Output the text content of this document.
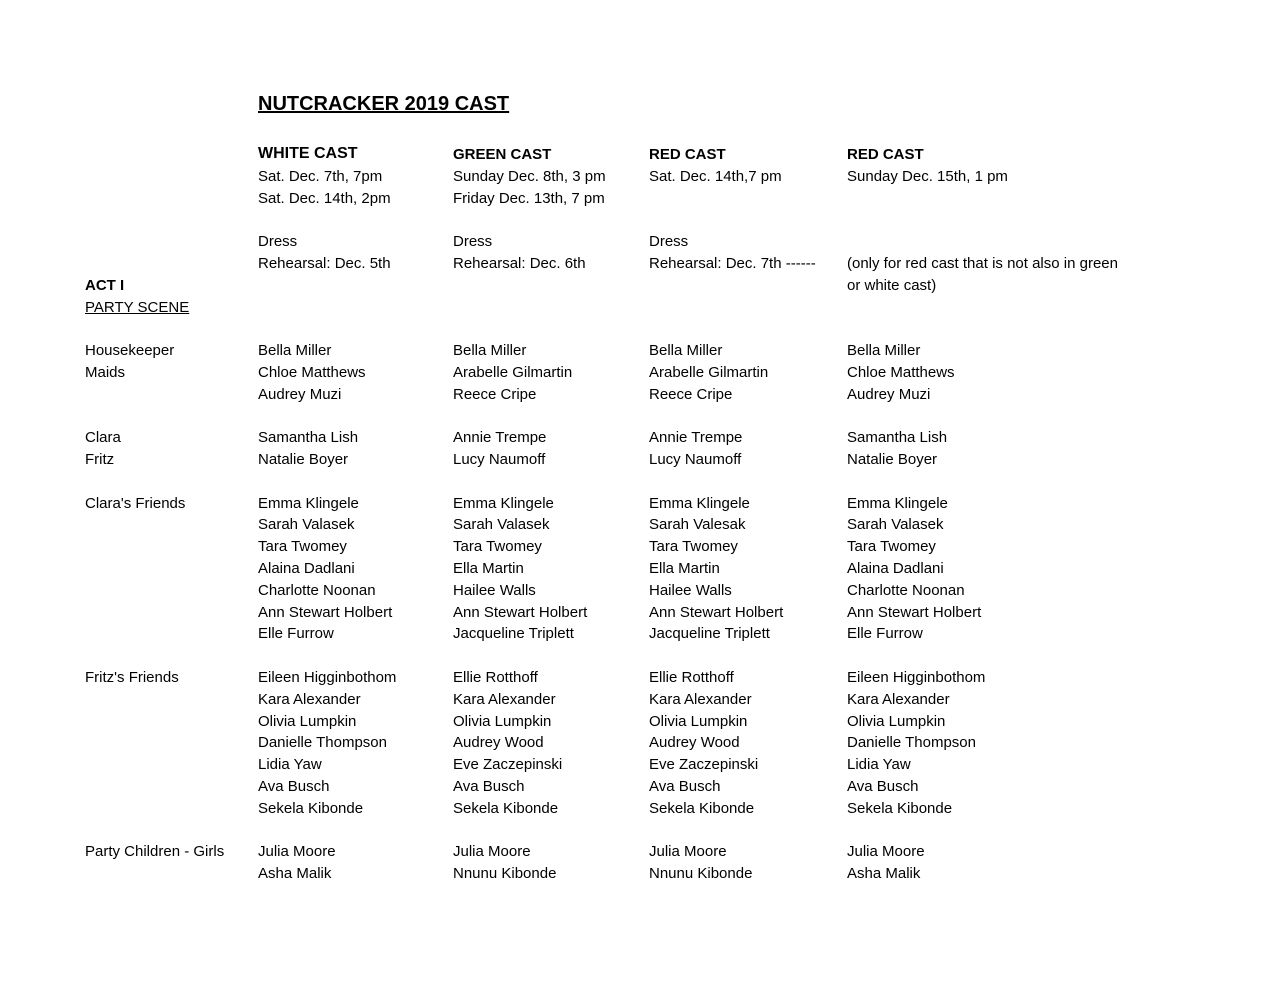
NUTCRACKER 2019 CAST
WHITE CAST
Sat. Dec. 7th, 7pm
Sat. Dec. 14th, 2pm
Dress
Rehearsal: Dec. 5th
GREEN CAST
Sunday Dec. 8th, 3 pm
Friday Dec. 13th, 7 pm
Dress
Rehearsal: Dec. 6th
RED CAST
Sat. Dec. 14th,7 pm
Dress
Rehearsal: Dec. 7th ------
RED CAST
Sunday Dec. 15th, 1 pm
(only for red cast that is not also in green
or white cast)
ACT I
PARTY SCENE
Housekeeper
Maids
Clara
Fritz
Clara's Friends
Fritz's Friends
Party Children - Girls
Bella Miller
Chloe Matthews
Audrey Muzi
Samantha Lish
Natalie Boyer
Emma Klingele
Sarah Valasek
Tara Twomey
Alaina Dadlani
Charlotte Noonan
Ann Stewart Holbert
Elle Furrow
Eileen Higginbothom
Kara Alexander
Olivia Lumpkin
Danielle Thompson
Lidia Yaw
Ava Busch
Sekela Kibonde
Julia Moore
Asha Malik
Bella Miller
Arabelle Gilmartin
Reece Cripe
Annie Trempe
Lucy Naumoff
Emma Klingele
Sarah Valasek
Tara Twomey
Ella Martin
Hailee Walls
Ann Stewart Holbert
Jacqueline Triplett
Ellie Rotthoff
Kara Alexander
Olivia Lumpkin
Audrey Wood
Eve Zaczepinski
Ava Busch
Sekela Kibonde
Julia Moore
Nnunu Kibonde
Bella Miller
Arabelle Gilmartin
Reece Cripe
Annie Trempe
Lucy Naumoff
Emma Klingele
Sarah Valesak
Tara Twomey
Ella Martin
Hailee Walls
Ann Stewart Holbert
Jacqueline Triplett
Ellie Rotthoff
Kara Alexander
Olivia Lumpkin
Audrey Wood
Eve Zaczepinski
Ava Busch
Sekela Kibonde
Julia Moore
Nnunu Kibonde
Bella Miller
Chloe Matthews
Audrey Muzi
Samantha Lish
Natalie Boyer
Emma Klingele
Sarah Valasek
Tara Twomey
Alaina Dadlani
Charlotte Noonan
Ann Stewart Holbert
Elle Furrow
Eileen Higginbothom
Kara Alexander
Olivia Lumpkin
Danielle Thompson
Lidia Yaw
Ava Busch
Sekela Kibonde
Julia Moore
Asha Malik
